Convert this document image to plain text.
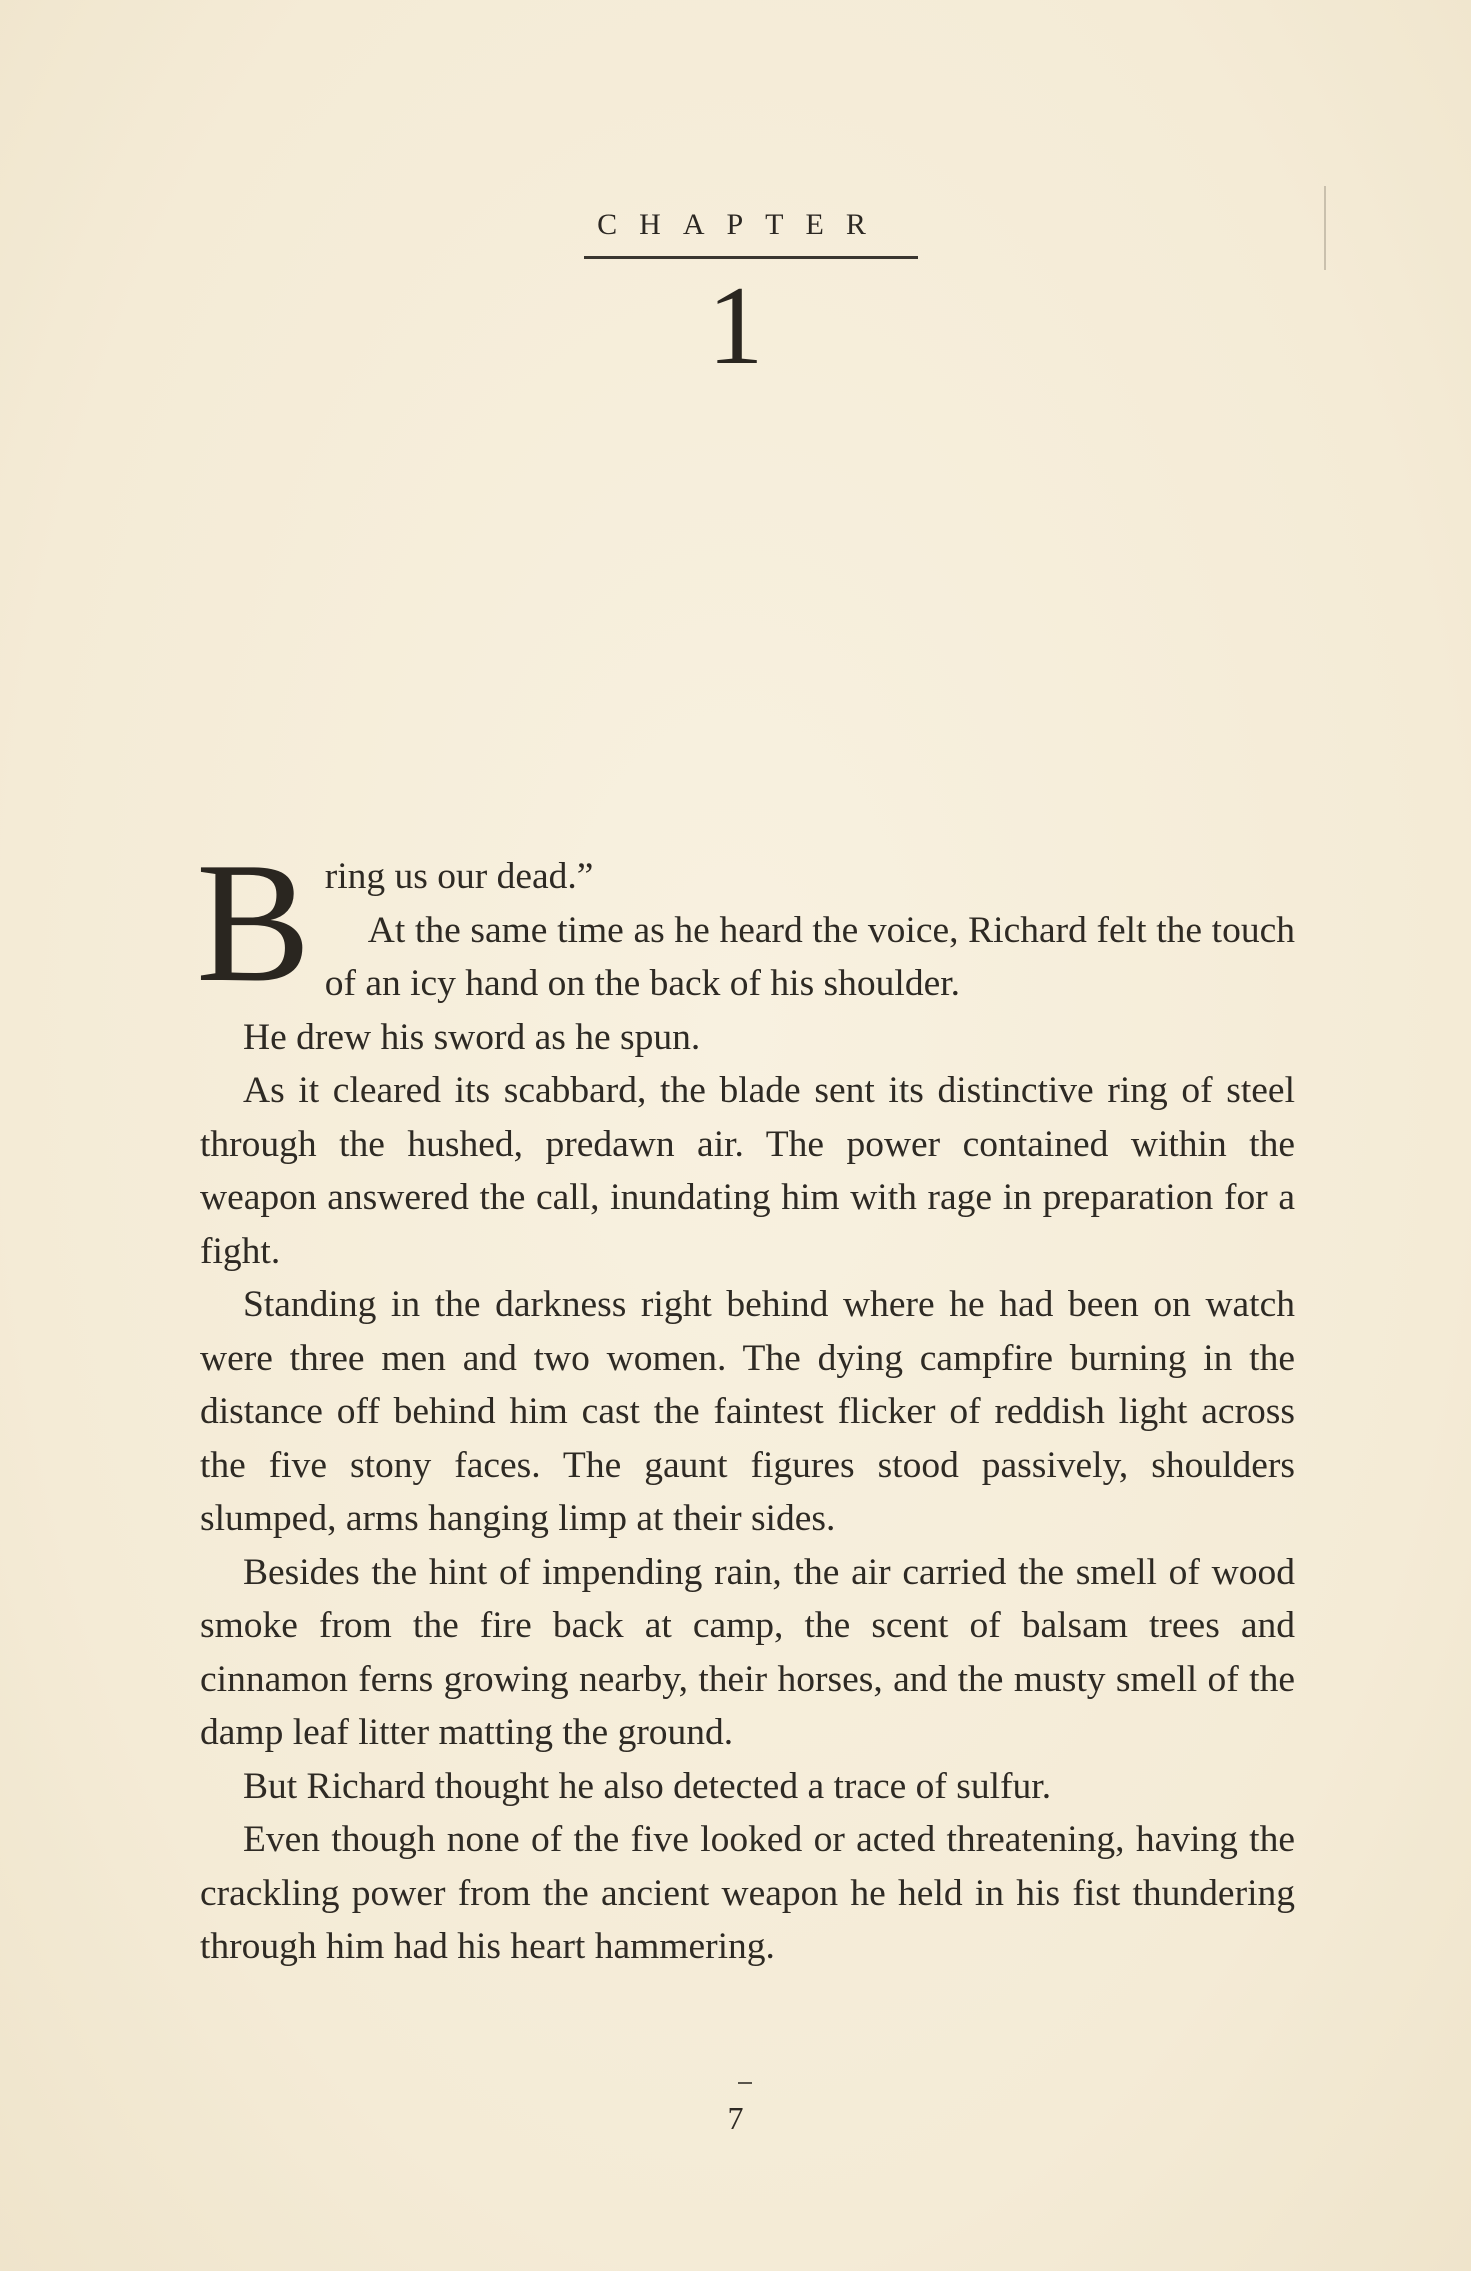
CHAPTER
1
B ring us our dead.”

At the same time as he heard the voice, Richard felt the touch of an icy hand on the back of his shoulder.

He drew his sword as he spun.

As it cleared its scabbard, the blade sent its distinctive ring of steel through the hushed, predawn air. The power contained within the weapon answered the call, inundating him with rage in preparation for a fight.

Standing in the darkness right behind where he had been on watch were three men and two women. The dying campfire burning in the distance off behind him cast the faintest flicker of reddish light across the five stony faces. The gaunt figures stood passively, shoulders slumped, arms hanging limp at their sides.

Besides the hint of impending rain, the air carried the smell of wood smoke from the fire back at camp, the scent of balsam trees and cinnamon ferns growing nearby, their horses, and the musty smell of the damp leaf litter matting the ground.

But Richard thought he also detected a trace of sulfur.

Even though none of the five looked or acted threatening, having the crackling power from the ancient weapon he held in his fist thundering through him had his heart hammering.

7
